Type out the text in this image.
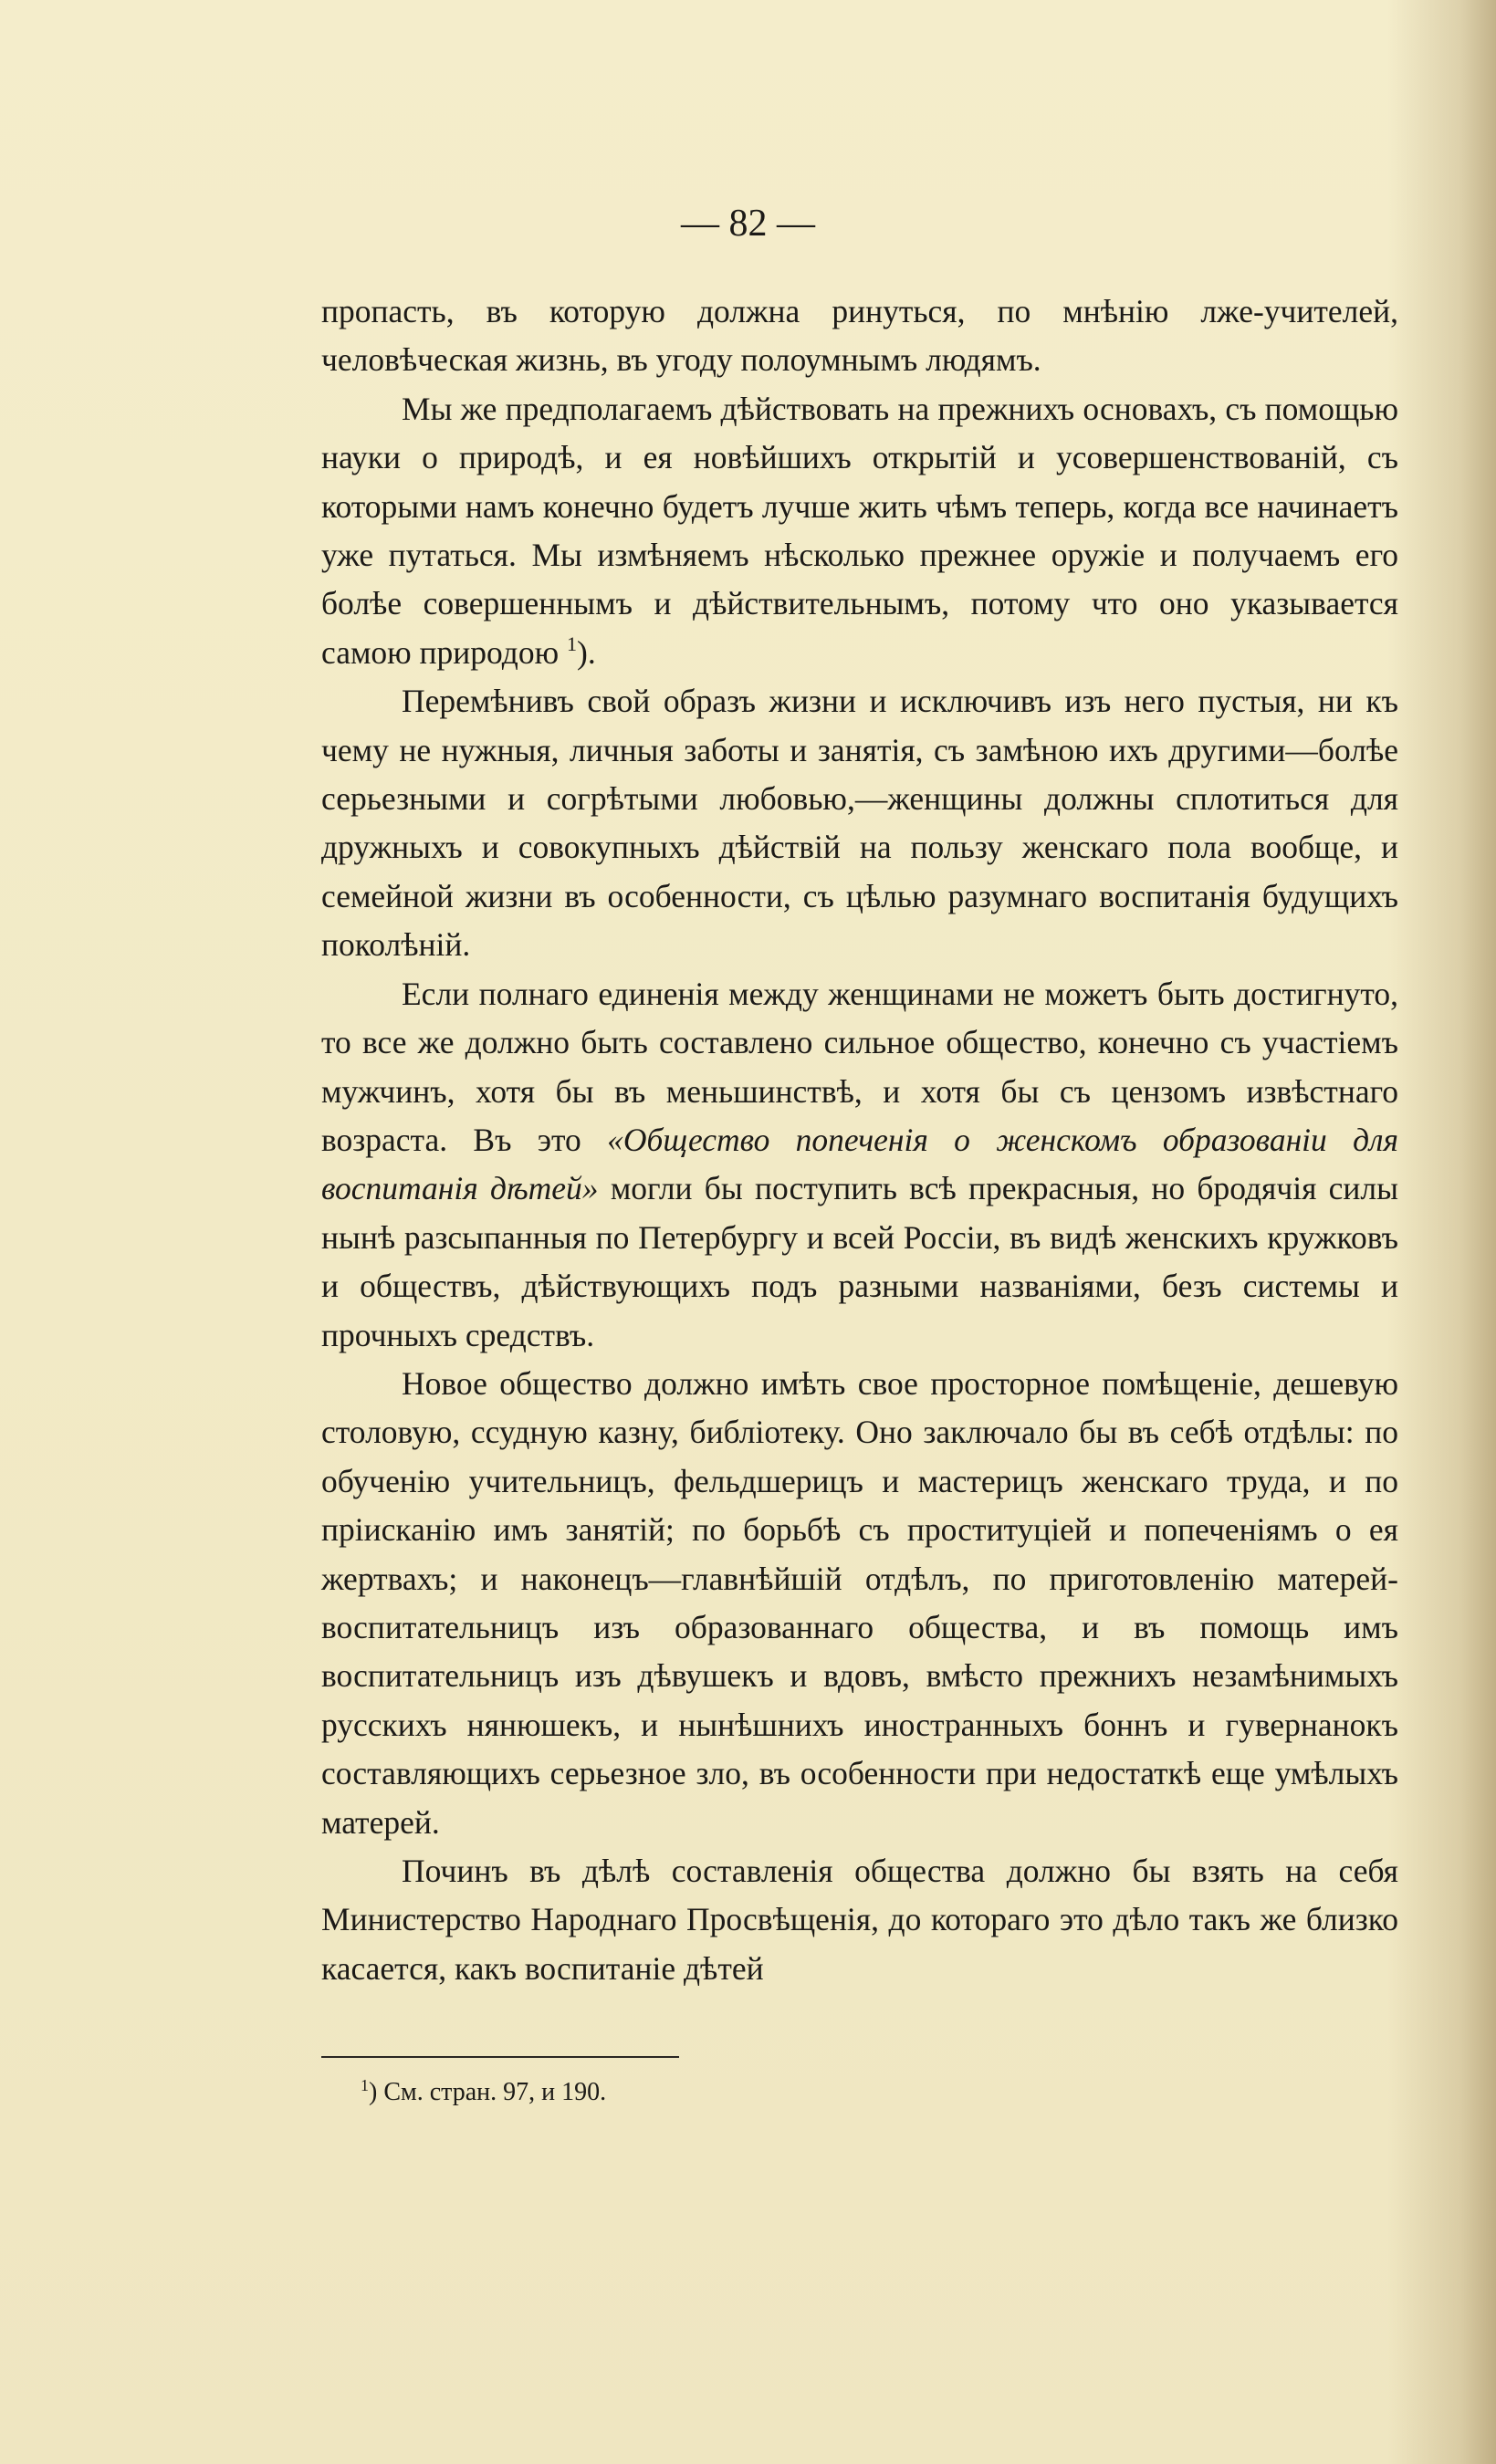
— 82 —

пропасть, въ которую должна ринуться, по мнѣнію лже-учителей, человѣческая жизнь, въ угоду полоумнымъ людямъ.

Мы же предполагаемъ дѣйствовать на прежнихъ основахъ, съ помощью науки о природѣ, и ея новѣйшихъ открытій и усовершенствованій, съ которыми намъ конечно будетъ лучше жить чѣмъ теперь, когда все начинаетъ уже путаться. Мы измѣняемъ нѣсколько прежнее оружіе и получаемъ его болѣе совершеннымъ и дѣйствительнымъ, потому что оно указывается самою природою $^1$).

Перемѣнивъ свой образъ жизни и исключивъ изъ него пустыя, ни къ чему не нужныя, личныя заботы и занятія, съ замѣною ихъ другими—болѣе серьезными и согрѣтыми любовью,—женщины должны сплотиться для дружныхъ и совокупныхъ дѣйствій на пользу женскаго пола вообще, и семейной жизни въ особенности, съ цѣлью разумнаго воспитанія будущихъ поколѣній.

Если полнаго единенія между женщинами не можетъ быть достигнуто, то все же должно быть составлено сильное общество, конечно съ участіемъ мужчинъ, хотя бы въ меньшинствѣ, и хотя бы съ цензомъ извѣстнаго возраста. Въ это «Общество попеченія о женскомъ образованіи для воспитанія дѣтей» могли бы поступить всѣ прекрасныя, но бродячія силы нынѣ разсыпанныя по Петербургу и всей Россіи, въ видѣ женскихъ кружковъ и обществъ, дѣйствующихъ подъ разными названіями, безъ системы и прочныхъ средствъ.

Новое общество должно имѣть свое просторное помѣщеніе, дешевую столовую, ссудную казну, библіотеку. Оно заключало бы въ себѣ отдѣлы: по обученію учительницъ, фельдшерицъ и мастерицъ женскаго труда, и по пріисканію имъ занятій; по борьбѣ съ проституціей и попеченіямъ о ея жертвахъ; и наконецъ—главнѣйшій отдѣлъ, по приготовленію матерей-воспитательницъ изъ образованнаго общества, и въ помощь имъ воспитательницъ изъ дѣвушекъ и вдовъ, вмѣсто прежнихъ незамѣнимыхъ русскихъ нянюшекъ, и нынѣшнихъ иностранныхъ боннъ и гувернанокъ составляющихъ серьезное зло, въ особенности при недостаткѣ еще умѣлыхъ матерей.

Починъ въ дѣлѣ составленія общества должно бы взять на себя Министерство Народнаго Просвѣщенія, до котораго это дѣло такъ же близко касается, какъ воспитаніе дѣтей

$^1$) См. стран. 97, и 190.
